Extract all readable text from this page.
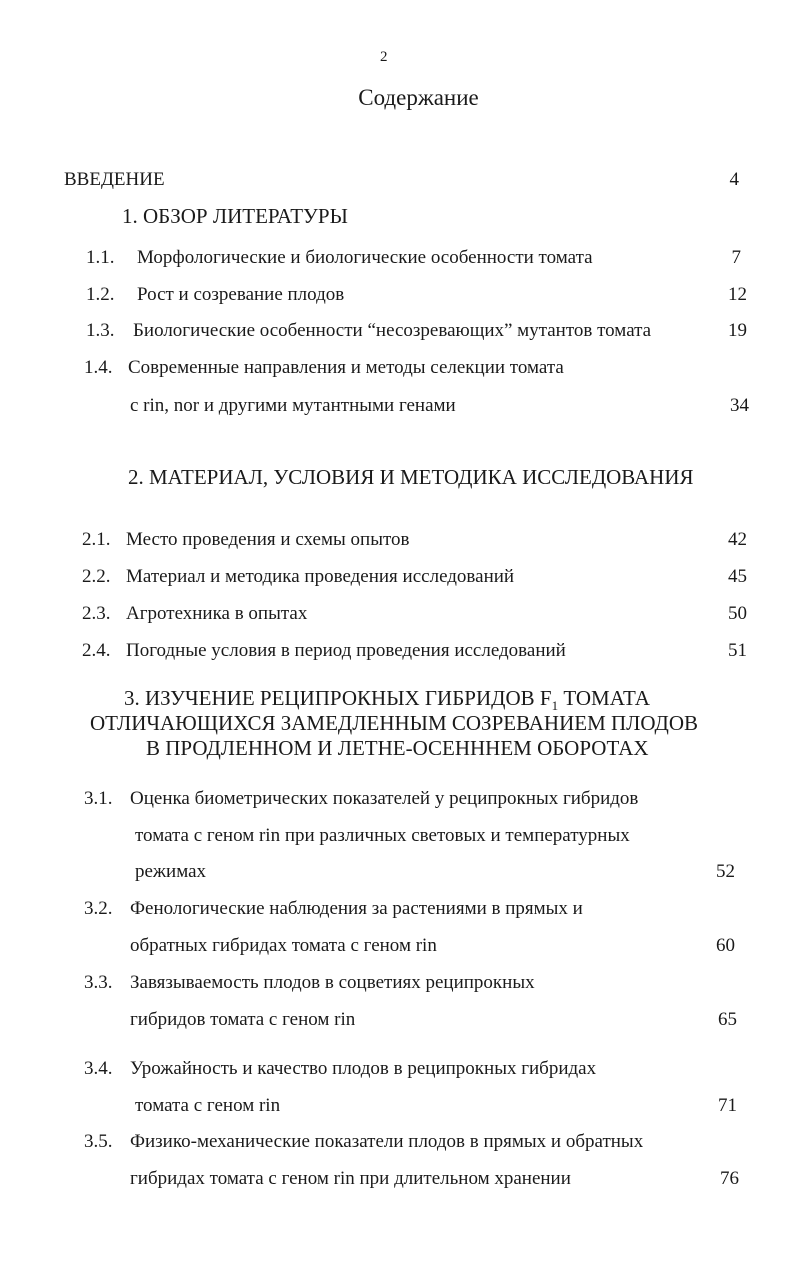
2
Содержание
ВВЕДЕНИЕ	4
1. ОБЗОР ЛИТЕРАТУРЫ
1.1. Морфологические и биологические особенности томата	7
1.2. Рост и созревание плодов	12
1.3. Биологические особенности “несозревающих” мутантов томата	19
1.4. Современные направления и методы селекции томата
с rin, nor и другими мутантными генами	34
2. МАТЕРИАЛ, УСЛОВИЯ И МЕТОДИКА ИССЛЕДОВАНИЯ
2.1. Место проведения и схемы опытов	42
2.2. Материал и методика проведения исследований	45
2.3. Агротехника в опытах	50
2.4. Погодные условия в период проведения исследований	51
3. ИЗУЧЕНИЕ РЕЦИПРОКНЫХ ГИБРИДОВ $F_1$ ТОМАТА
ОТЛИЧАЮЩИХСЯ ЗАМЕДЛЕННЫМ СОЗРЕВАНИЕМ ПЛОДОВ
В ПРОДЛЕННОМ И ЛЕТНЕ-ОСЕНННЕМ ОБОРОТАХ
3.1. Оценка биометрических показателей у реципрокных гибридов
томата с геном rin при различных световых и температурных
режимах	52
3.2. Фенологические наблюдения за растениями в прямых и
обратных гибридах томата с геном rin	60
3.3. Завязываемость плодов в соцветиях реципрокных
гибридов томата с геном rin	65
3.4. Урожайность и качество плодов в реципрокных гибридах
томата с геном rin	71
3.5. Физико-механические показатели плодов в прямых и обратных
гибридах томата с геном rin при длительном хранении	76
